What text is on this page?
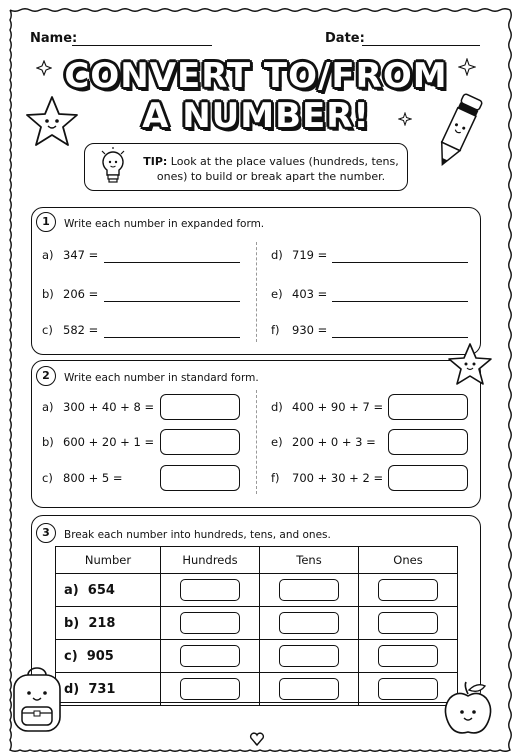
Name:	Date:
CONVERT TO/FROM
A NUMBER!
TIP: Look at the place values (hundreds, tens, ones) to build or break apart the number.
1	Write each number in expanded form.
a) 347 =
b) 206 =
c) 582 =
d) 719 =
e) 403 =
f) 930 =
2	Write each number in standard form.
a) 300 + 40 + 8 =
b) 600 + 20 + 1 =
c) 800 + 5 =
d) 400 + 90 + 7 =
e) 200 + 0 + 3 =
f) 700 + 30 + 2 =
3	Break each number into hundreds, tens, and ones.
Number	Hundreds	Tens	Ones
a) 654			
b) 218			
c) 905			
d) 731			
